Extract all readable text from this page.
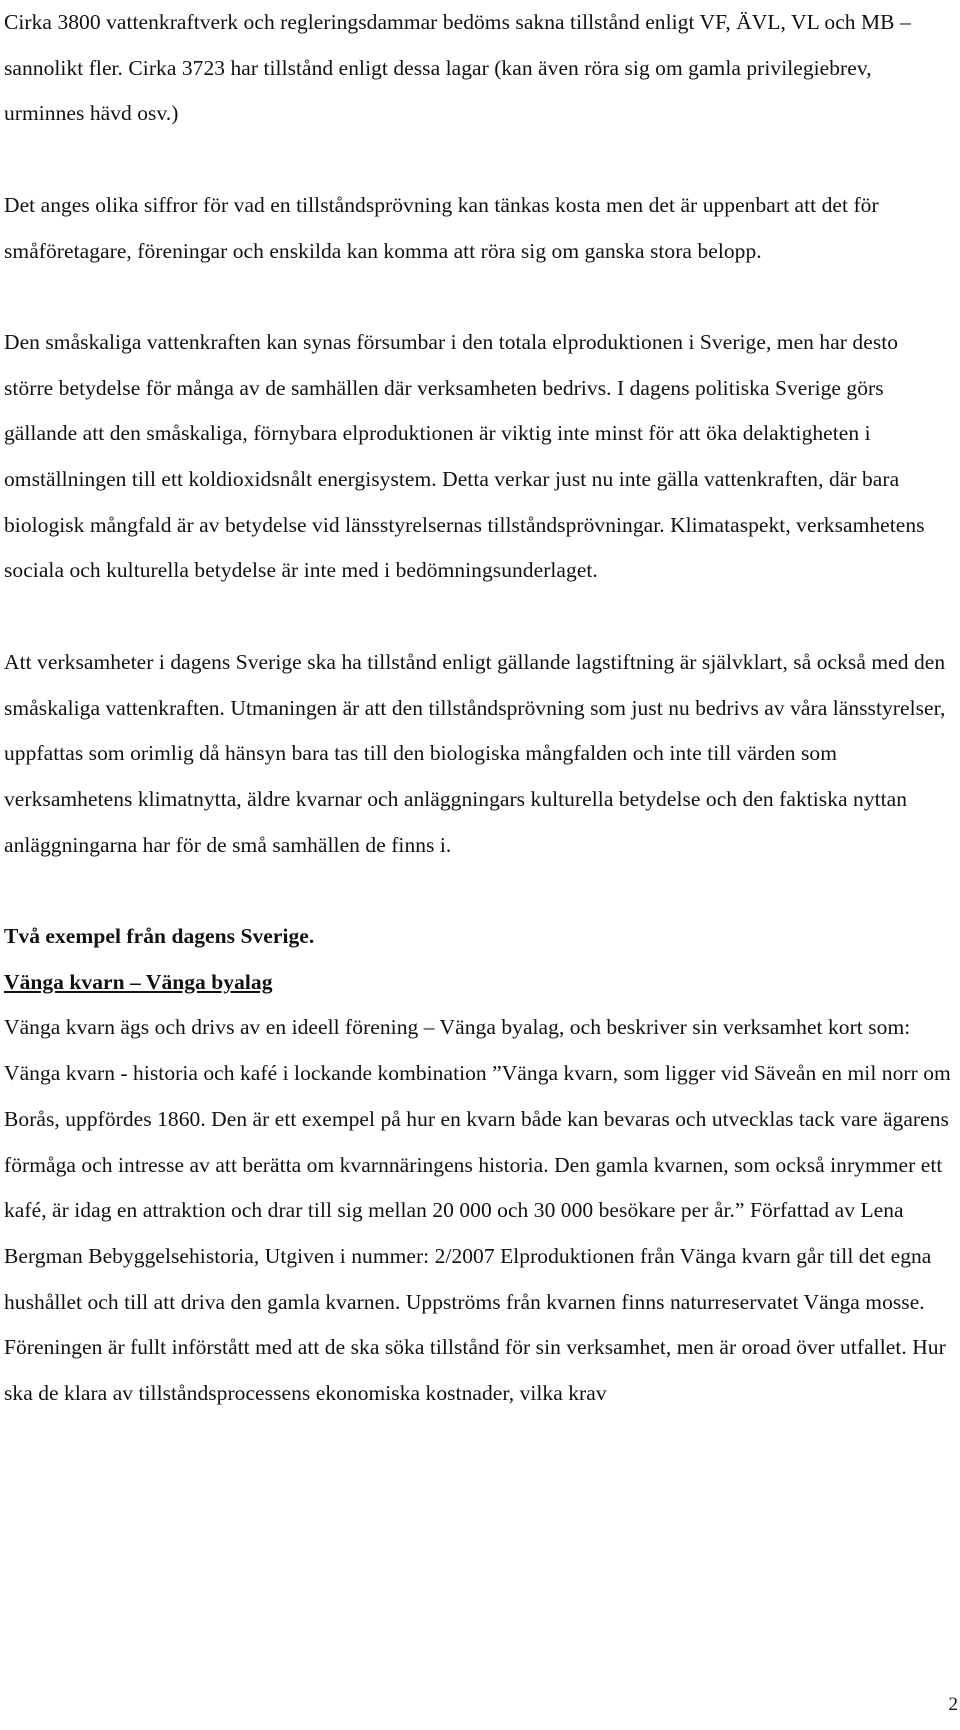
Cirka 3800 vattenkraftverk och regleringsdammar bedöms sakna tillstånd enligt VF, ÄVL, VL och MB – sannolikt fler. Cirka 3723 har tillstånd enligt dessa lagar (kan även röra sig om gamla privilegiebrev, urminnes hävd osv.)

Det anges olika siffror för vad en tillståndsprövning kan tänkas kosta men det är uppenbart att det för småföretagare, föreningar och enskilda kan komma att röra sig om ganska stora belopp.

Den småskaliga vattenkraften kan synas försumbar i den totala elproduktionen i Sverige, men har desto större betydelse för många av de samhällen där verksamheten bedrivs. I dagens politiska Sverige görs gällande att den småskaliga, förnybara elproduktionen är viktig inte minst för att öka delaktigheten i omställningen till ett koldioxidsnålt energisystem. Detta verkar just nu inte gälla vattenkraften, där bara biologisk mångfald är av betydelse vid länsstyrelsernas tillståndsprövningar. Klimataspekt, verksamhetens sociala och kulturella betydelse är inte med i bedömningsunderlaget.

Att verksamheter i dagens Sverige ska ha tillstånd enligt gällande lagstiftning är självklart, så också med den småskaliga vattenkraften. Utmaningen är att den tillståndsprövning som just nu bedrivs av våra länsstyrelser, uppfattas som orimlig då hänsyn bara tas till den biologiska mångfalden och inte till värden som verksamhetens klimatnytta, äldre kvarnar och anläggningars kulturella betydelse och den faktiska nyttan anläggningarna har för de små samhällen de finns i.

Två exempel från dagens Sverige.

Vänga kvarn – Vänga byalag

Vänga kvarn ägs och drivs av en ideell förening – Vänga byalag, och beskriver sin verksamhet kort som: Vänga kvarn - historia och kafé i lockande kombination ”Vänga kvarn, som ligger vid Säveån en mil norr om Borås, uppfördes 1860. Den är ett exempel på hur en kvarn både kan bevaras och utvecklas tack vare ägarens förmåga och intresse av att berätta om kvarnnäringens historia. Den gamla kvarnen, som också inrymmer ett kafé, är idag en attraktion och drar till sig mellan 20 000 och 30 000 besökare per år.” Författad av Lena Bergman Bebyggelsehistoria, Utgiven i nummer: 2/2007 Elproduktionen från Vänga kvarn går till det egna hushållet och till att driva den gamla kvarnen. Uppströms från kvarnen finns naturreservatet Vänga mosse. Föreningen är fullt införstått med att de ska söka tillstånd för sin verksamhet, men är oroad över utfallet. Hur ska de klara av tillståndsprocessens ekonomiska kostnader, vilka krav

2
